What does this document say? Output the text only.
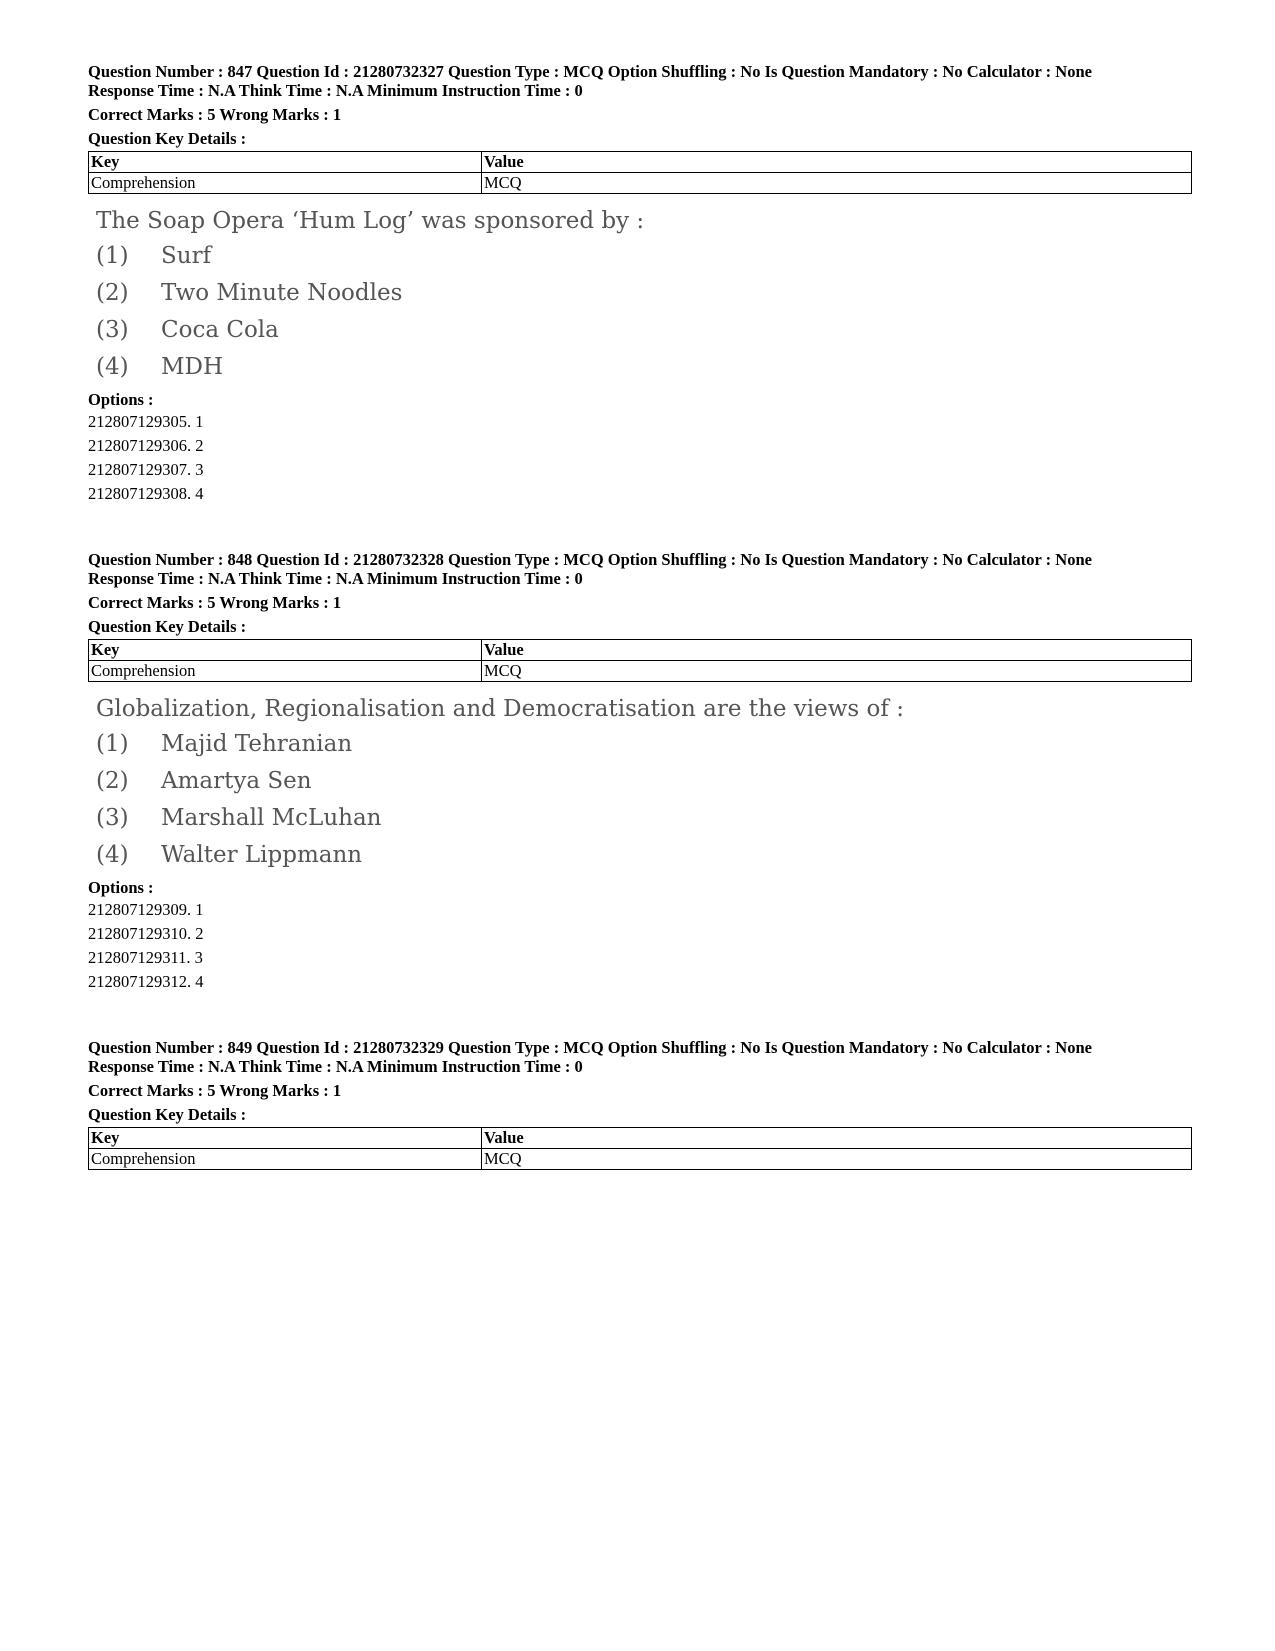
Question Number : 847 Question Id : 21280732327 Question Type : MCQ Option Shuffling : No Is Question Mandatory : No Calculator : None
Response Time : N.A Think Time : N.A Minimum Instruction Time : 0
Correct Marks : 5 Wrong Marks : 1
Question Key Details :
Key	Value
Comprehension	MCQ
The Soap Opera ‘Hum Log’ was sponsored by :
(1)	Surf
(2)	Two Minute Noodles
(3)	Coca Cola
(4)	MDH
Options :
212807129305. 1
212807129306. 2
212807129307. 3
212807129308. 4
Question Number : 848 Question Id : 21280732328 Question Type : MCQ Option Shuffling : No Is Question Mandatory : No Calculator : None
Response Time : N.A Think Time : N.A Minimum Instruction Time : 0
Correct Marks : 5 Wrong Marks : 1
Question Key Details :
Key	Value
Comprehension	MCQ
Globalization, Regionalisation and Democratisation are the views of :
(1)	Majid Tehranian
(2)	Amartya Sen
(3)	Marshall McLuhan
(4)	Walter Lippmann
Options :
212807129309. 1
212807129310. 2
212807129311. 3
212807129312. 4
Question Number : 849 Question Id : 21280732329 Question Type : MCQ Option Shuffling : No Is Question Mandatory : No Calculator : None
Response Time : N.A Think Time : N.A Minimum Instruction Time : 0
Correct Marks : 5 Wrong Marks : 1
Question Key Details :
Key	Value
Comprehension	MCQ
